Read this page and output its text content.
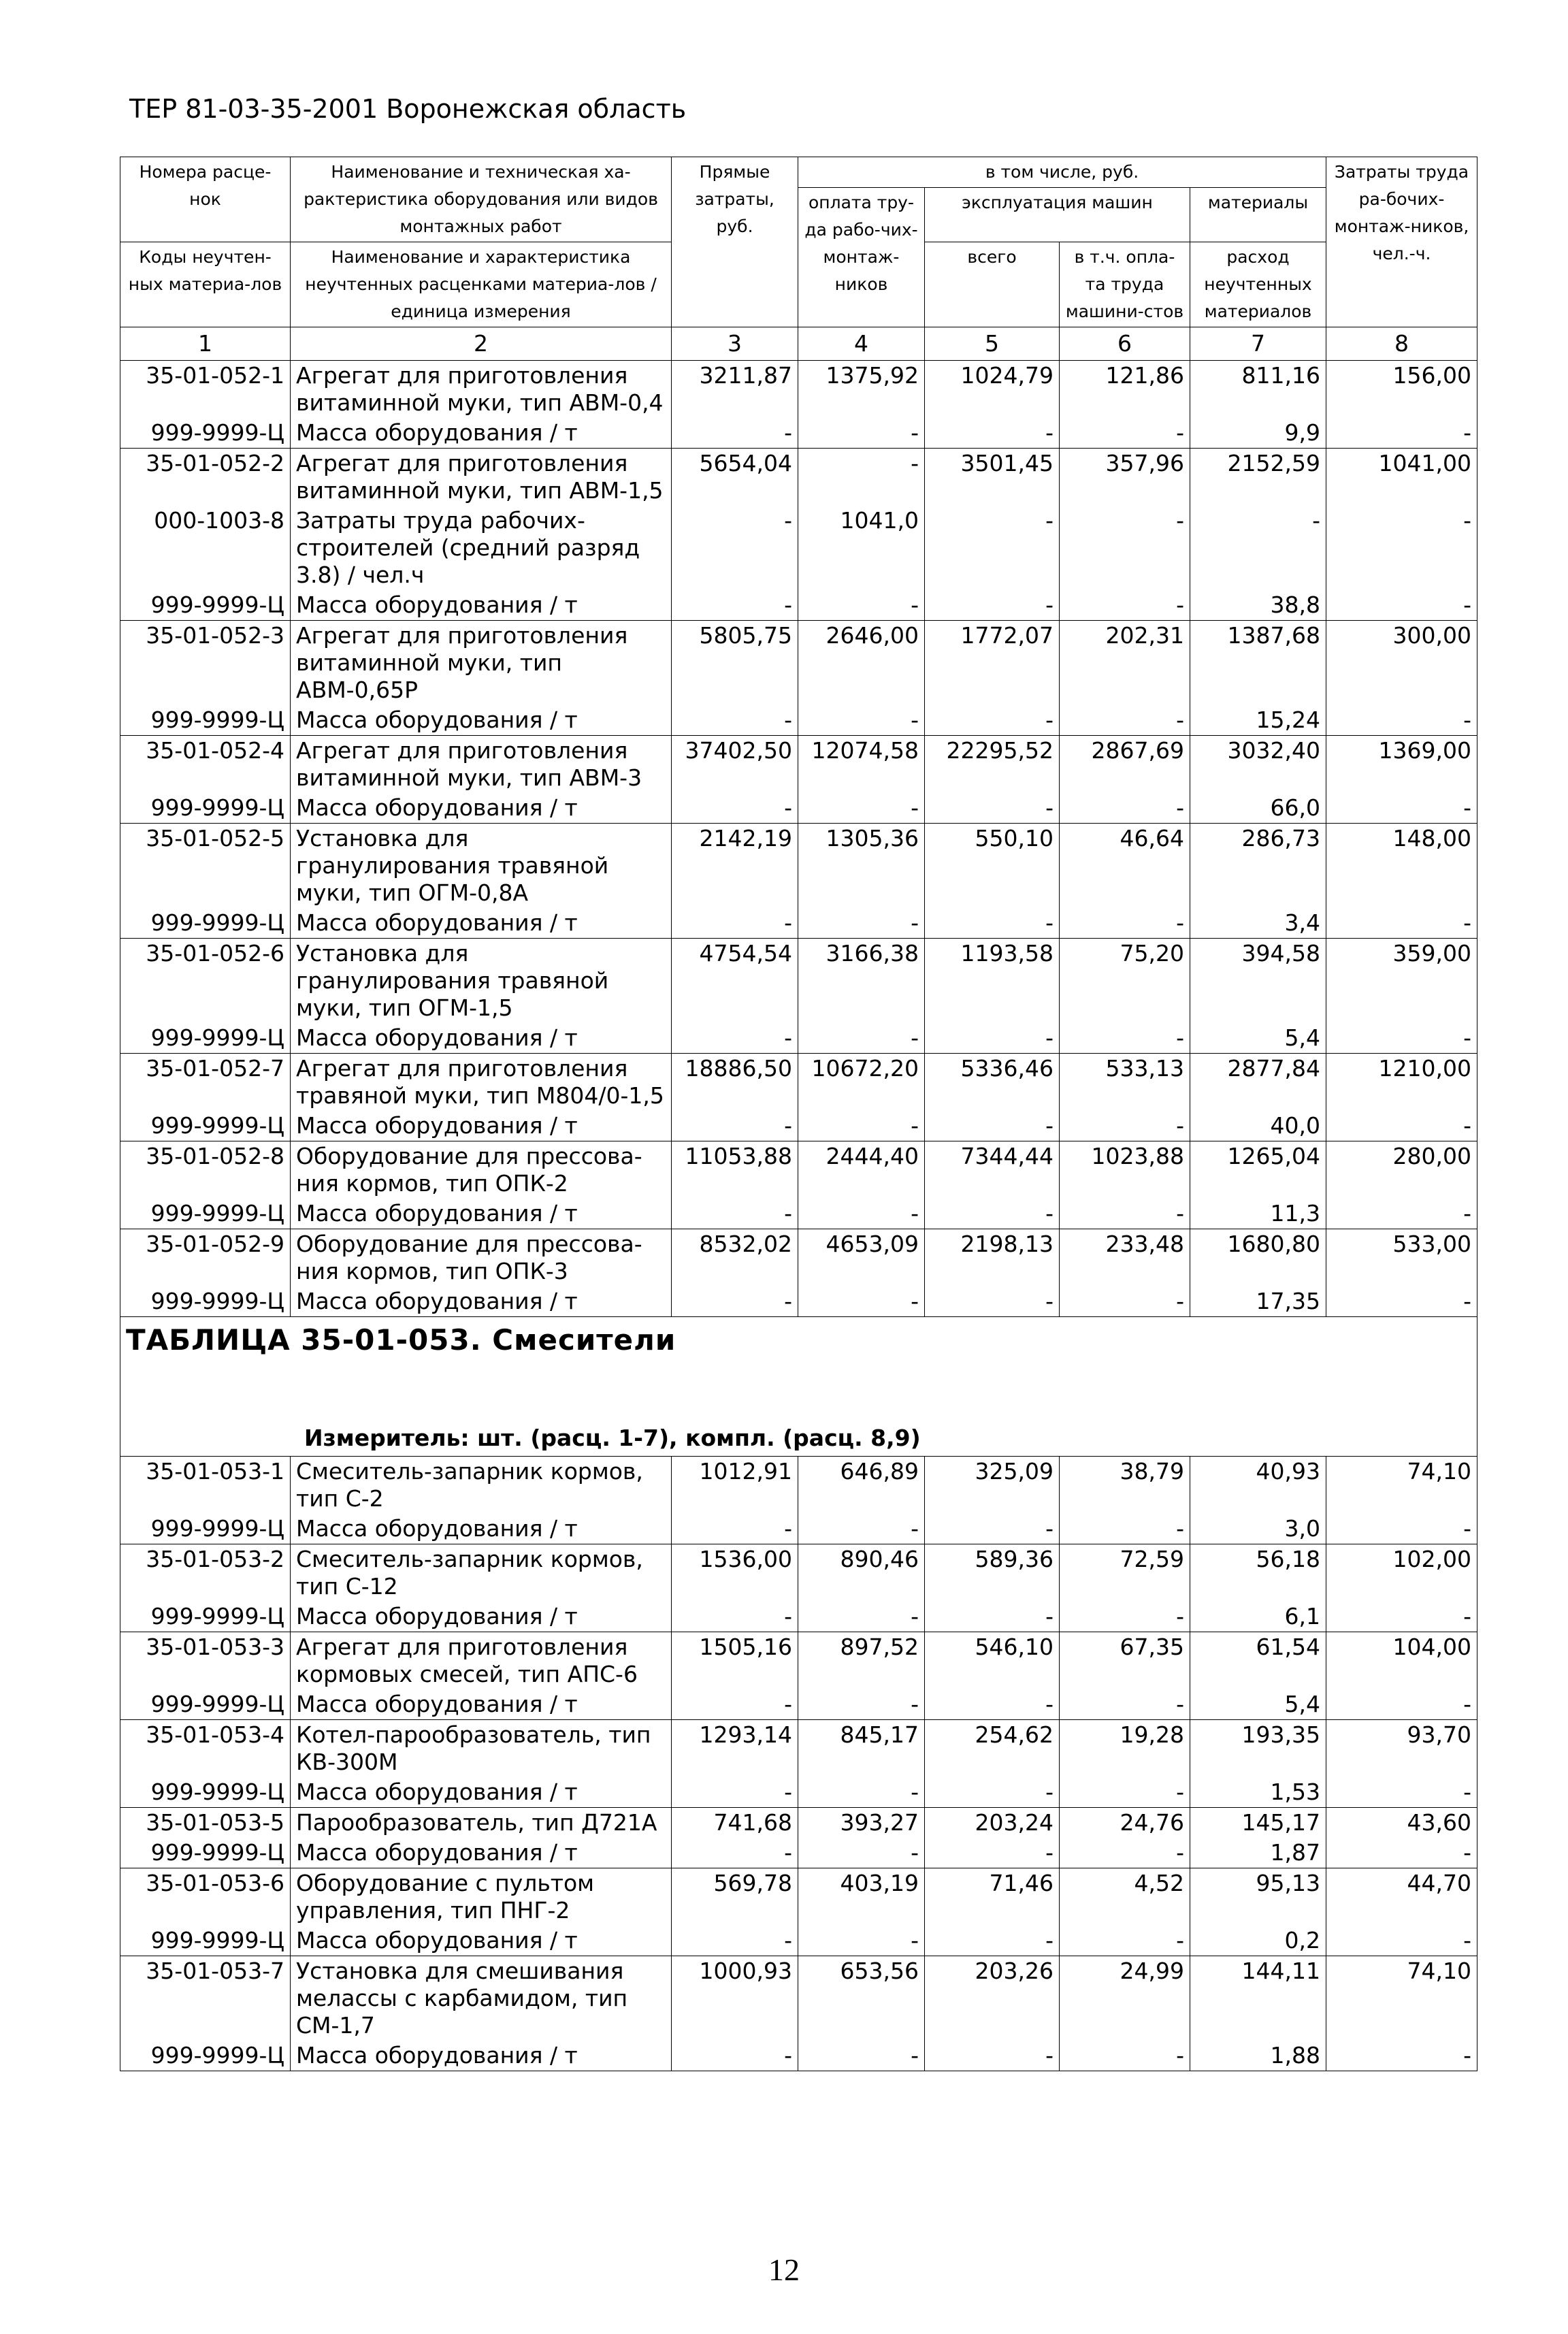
ТЕР 81-03-35-2001 Воронежская область
Номера расце-нок	Наименование и техническая ха-рактеристика оборудования или видов монтажных работ	Прямые затраты, руб.	в том числе, руб.				Затраты труда ра-бочих-монтаж-ников, чел.-ч.
			оплата тру-да рабо-чих-монтаж-ников	эксплуатация машин		материалы	
Коды неучтен-ных материа-лов	Наименование и характеристика неучтенных расценками материа-лов / единица измерения			всего	в т.ч. опла-та труда машини-стов	расход неучтенных материалов	

1	2	3	4	5	6	7	8
35-01-052-1	Агрегат для приготовления витаминной муки, тип АВМ-0,4	3211,87	1375,92	1024,79	121,86	811,16	156,00
999-9999-Ц	Масса оборудования / т	-	-	-	-	9,9	-
35-01-052-2	Агрегат для приготовления витаминной муки, тип АВМ-1,5	5654,04	-	3501,45	357,96	2152,59	1041,00
000-1003-8	Затраты труда рабочих-строителей (средний разряд 3.8) / чел.ч	-	1041,0	-	-	-	-
999-9999-Ц	Масса оборудования / т	-	-	-	-	38,8	-
35-01-052-3	Агрегат для приготовления витаминной муки, тип АВМ-0,65Р	5805,75	2646,00	1772,07	202,31	1387,68	300,00
999-9999-Ц	Масса оборудования / т	-	-	-	-	15,24	-
35-01-052-4	Агрегат для приготовления витаминной муки, тип АВМ-3	37402,50	12074,58	22295,52	2867,69	3032,40	1369,00
999-9999-Ц	Масса оборудования / т	-	-	-	-	66,0	-
35-01-052-5	Установка для гранулирования травяной муки, тип ОГМ-0,8А	2142,19	1305,36	550,10	46,64	286,73	148,00
999-9999-Ц	Масса оборудования / т	-	-	-	-	3,4	-
35-01-052-6	Установка для гранулирования травяной муки, тип ОГМ-1,5	4754,54	3166,38	1193,58	75,20	394,58	359,00
999-9999-Ц	Масса оборудования / т	-	-	-	-	5,4	-
35-01-052-7	Агрегат для приготовления травяной муки, тип М804/0-1,5	18886,50	10672,20	5336,46	533,13	2877,84	1210,00
999-9999-Ц	Масса оборудования / т	-	-	-	-	40,0	-
35-01-052-8	Оборудование для прессова-ния кормов, тип ОПК-2	11053,88	2444,40	7344,44	1023,88	1265,04	280,00
999-9999-Ц	Масса оборудования / т	-	-	-	-	11,3	-
35-01-052-9	Оборудование для прессова-ния кормов, тип ОПК-3	8532,02	4653,09	2198,13	233,48	1680,80	533,00
999-9999-Ц	Масса оборудования / т	-	-	-	-	17,35	-
ТАБЛИЦА 35-01-053. Смесители							
Измеритель: шт. (расц. 1-7), компл. (расц. 8,9)							
35-01-053-1	Смеситель-запарник кормов, тип С-2	1012,91	646,89	325,09	38,79	40,93	74,10
999-9999-Ц	Масса оборудования / т	-	-	-	-	3,0	-
35-01-053-2	Смеситель-запарник кормов, тип С-12	1536,00	890,46	589,36	72,59	56,18	102,00
999-9999-Ц	Масса оборудования / т	-	-	-	-	6,1	-
35-01-053-3	Агрегат для приготовления кормовых смесей, тип АПС-6	1505,16	897,52	546,10	67,35	61,54	104,00
999-9999-Ц	Масса оборудования / т	-	-	-	-	5,4	-
35-01-053-4	Котел-парообразователь, тип КВ-300М	1293,14	845,17	254,62	19,28	193,35	93,70
999-9999-Ц	Масса оборудования / т	-	-	-	-	1,53	-
35-01-053-5	Парообразователь, тип Д721А	741,68	393,27	203,24	24,76	145,17	43,60
999-9999-Ц	Масса оборудования / т	-	-	-	-	1,87	-
35-01-053-6	Оборудование с пультом управления, тип ПНГ-2	569,78	403,19	71,46	4,52	95,13	44,70
999-9999-Ц	Масса оборудования / т	-	-	-	-	0,2	-
35-01-053-7	Установка для смешивания мелассы с карбамидом, тип СМ-1,7	1000,93	653,56	203,26	24,99	144,11	74,10
999-9999-Ц	Масса оборудования / т	-	-	-	-	1,88	-
12
